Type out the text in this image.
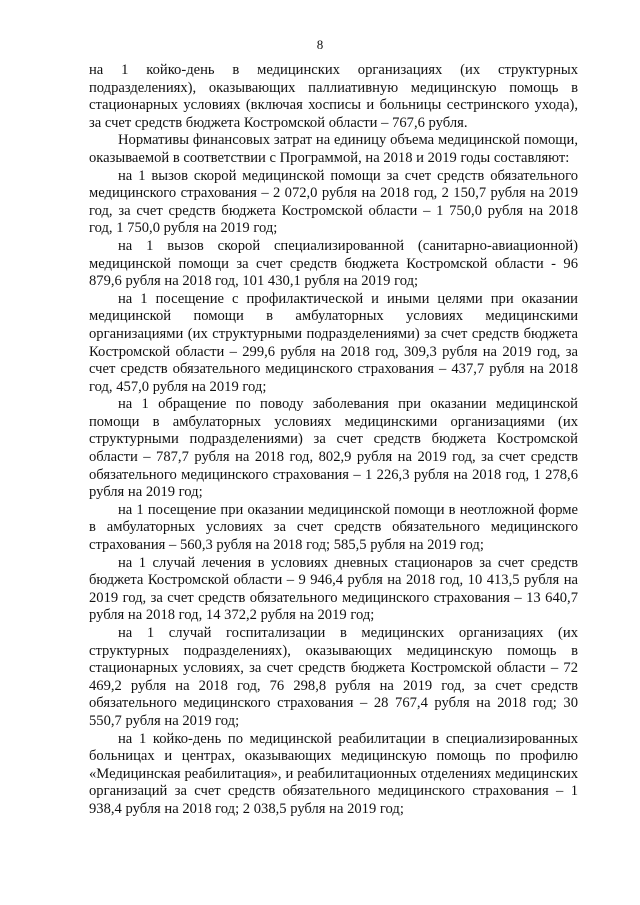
8

на 1 койко-день в медицинских организациях (их структурных подразделениях), оказывающих паллиативную медицинскую помощь в стационарных условиях (включая хосписы и больницы сестринского ухода), за счет средств бюджета Костромской области – 767,6 рубля.

Нормативы финансовых затрат на единицу объема медицинской помощи, оказываемой в соответствии с Программой, на 2018 и 2019 годы составляют:

на 1 вызов скорой медицинской помощи за счет средств обязательного медицинского страхования – 2 072,0 рубля на 2018 год, 2 150,7 рубля на 2019 год, за счет средств бюджета Костромской области – 1 750,0 рубля на 2018 год, 1 750,0 рубля на 2019 год;

на 1 вызов скорой специализированной (санитарно-авиационной) медицинской помощи за счет средств бюджета Костромской области - 96 879,6 рубля на 2018 год, 101 430,1 рубля на 2019 год;

на 1 посещение с профилактической и иными целями при оказании медицинской помощи в амбулаторных условиях медицинскими организациями (их структурными подразделениями) за счет средств бюджета Костромской области – 299,6 рубля на 2018 год, 309,3 рубля на 2019 год, за счет средств обязательного медицинского страхования – 437,7 рубля на 2018 год, 457,0 рубля на 2019 год;

на 1 обращение по поводу заболевания при оказании медицинской помощи в амбулаторных условиях медицинскими организациями (их структурными подразделениями) за счет средств бюджета Костромской области – 787,7 рубля на 2018 год, 802,9 рубля на 2019 год, за счет средств обязательного медицинского страхования – 1 226,3 рубля на 2018 год, 1 278,6 рубля на 2019 год;

на 1 посещение при оказании медицинской помощи в неотложной форме в амбулаторных условиях за счет средств обязательного медицинского страхования – 560,3 рубля на 2018 год; 585,5 рубля на 2019 год;

на 1 случай лечения в условиях дневных стационаров за счет средств бюджета Костромской области – 9 946,4 рубля на 2018 год, 10 413,5 рубля на 2019 год, за счет средств обязательного медицинского страхования – 13 640,7 рубля на 2018 год, 14 372,2 рубля на 2019 год;

на 1 случай госпитализации в медицинских организациях (их структурных подразделениях), оказывающих медицинскую помощь в стационарных условиях, за счет средств бюджета Костромской области – 72 469,2 рубля на 2018 год, 76 298,8 рубля на 2019 год, за счет средств обязательного медицинского страхования – 28 767,4 рубля на 2018 год; 30 550,7 рубля на 2019 год;

на 1 койко-день по медицинской реабилитации в специализированных больницах и центрах, оказывающих медицинскую помощь по профилю «Медицинская реабилитация», и реабилитационных отделениях медицинских организаций за счет средств обязательного медицинского страхования – 1 938,4 рубля на 2018 год; 2 038,5 рубля на 2019 год;
